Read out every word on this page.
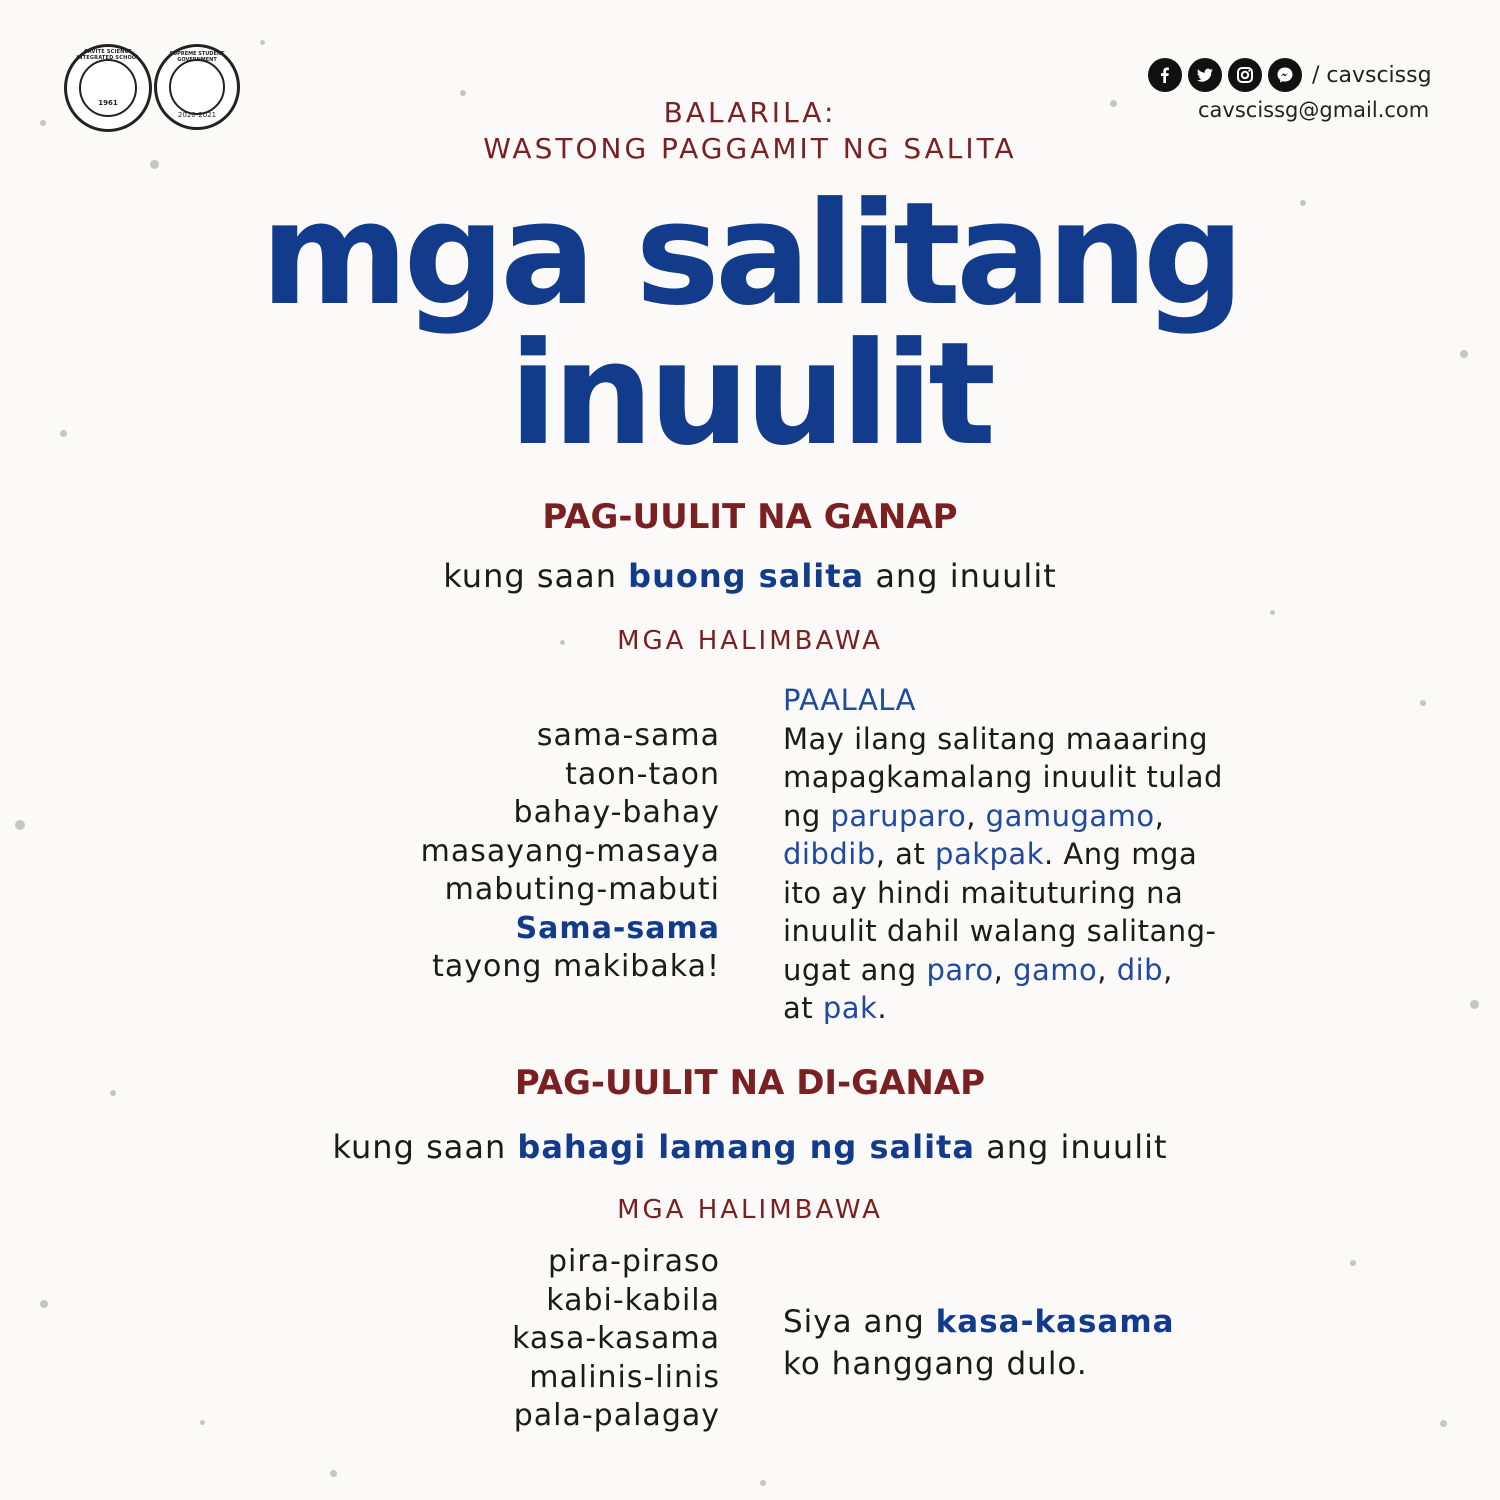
CAVITE SCIENCE INTEGRATED SCHOOL
1961
SUPREME STUDENT GOVERNMENT
2020-2021
/ cavscissg
cavscissg@gmail.com
BALARILA:
WASTONG PAGGAMIT NG SALITA
mga salitang
inuulit
PAG-UULIT NA GANAP
kung saan buong salita ang inuulit
MGA HALIMBAWA
sama-sama
taon-taon
bahay-bahay
masayang-masaya
mabuting-mabuti
Sama-sama
tayong makibaka!
PAALALA
May ilang salitang maaaring
mapagkamalang inuulit tulad
ng paruparo, gamugamo,
dibdib, at pakpak. Ang mga
ito ay hindi maituturing na
inuulit dahil walang salitang-
ugat ang paro, gamo, dib,
at pak.
PAG-UULIT NA DI-GANAP
kung saan bahagi lamang ng salita ang inuulit
MGA HALIMBAWA
pira-piraso
kabi-kabila
kasa-kasama
malinis-linis
pala-palagay
Siya ang kasa-kasama
ko hanggang dulo.
